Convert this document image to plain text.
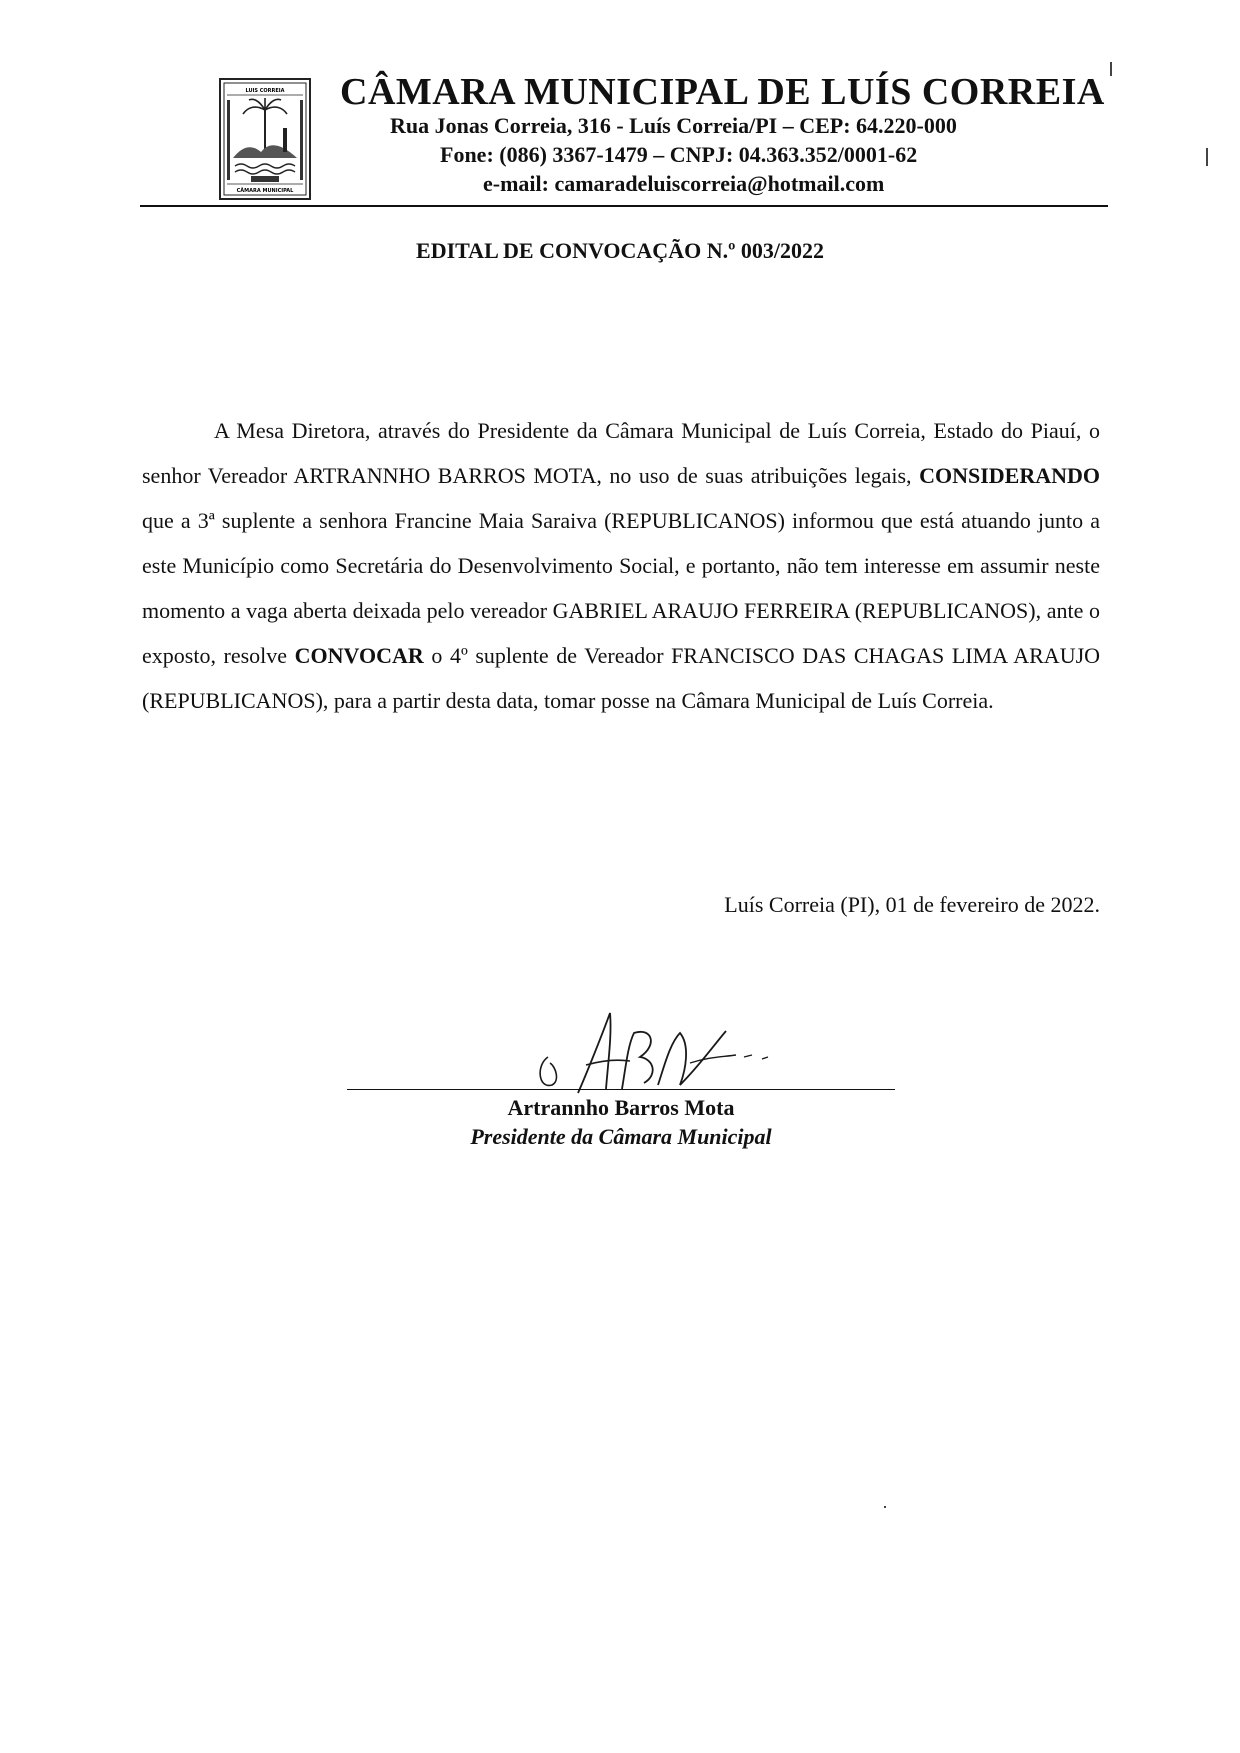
LUIS CORREIA
CÂMARA MUNICIPAL
CÂMARA MUNICIPAL DE LUÍS CORREIA

Rua Jonas Correia, 316 - Luís Correia/PI – CEP: 64.220-000

Fone: (086) 3367-1479 – CNPJ: 04.363.352/0001-62

e-mail: camaradeluiscorreia@hotmail.com

EDITAL DE CONVOCAÇÃO N.º 003/2022

A Mesa Diretora, através do Presidente da Câmara Municipal de Luís Correia, Estado do Piauí, o senhor Vereador ARTRANNHO BARROS MOTA, no uso de suas atribuições legais, CONSIDERANDO que a 3ª suplente a senhora Francine Maia Saraiva (REPUBLICANOS) informou que está atuando junto a este Município como Secretária do Desenvolvimento Social, e portanto, não tem interesse em assumir neste momento a vaga aberta deixada pelo vereador GABRIEL ARAUJO FERREIRA (REPUBLICANOS), ante o exposto, resolve CONVOCAR o 4º suplente de Vereador FRANCISCO DAS CHAGAS LIMA ARAUJO (REPUBLICANOS), para a partir desta data, tomar posse na Câmara Municipal de Luís Correia.

Luís Correia (PI), 01 de fevereiro de 2022.

Artrannho Barros Mota

Presidente da Câmara Municipal
